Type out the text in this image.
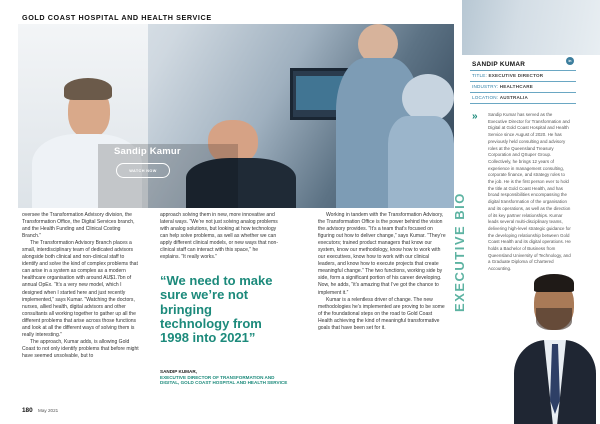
GOLD COAST HOSPITAL AND HEALTH SERVICE
Sandip Kamur
WATCH NOW

oversee the Transformation Advisory division, the Transformation Office, the Digital Services branch, and the Health Funding and Clinical Costing Branch.”

The Transformation Advisory Branch places a small, interdisciplinary team of dedicated advisors alongside both clinical and non-clinical staff to identify and solve the kind of complex problems that can arise in a system as complex as a modern healthcare organisation with around AU$1.7bn of annual OpEx. “It’s a very new model, which I designed when I started here and just recently implemented,” says Kumar. “Watching the doctors, nurses, allied health, digital advisors and other consultants all working together to gather up all the different problems that arise across those functions and look at all the different ways of solving them is really interesting.”

The approach, Kumar adds, is allowing Gold Coast to not only identify problems that before might have seemed unsolvable, but to

approach solving them in new, more innovative and lateral ways. “We’re not just solving analog problems with analog solutions, but looking at how technology can help solve problems, as well as whether we can apply different clinical models, or new ways that non-clinical staff can interact with this space,” he explains. “It really works.”

“We need to make sure we’re not bringing technology from 1998 into 2021”
SANDIP KUMAR,
EXECUTIVE DIRECTOR OF TRANSFORMATION AND DIGITAL, GOLD COAST HOSPITAL AND HEALTH SERVICE

Working in tandem with the Transformation Advisory, the Transformation Office is the power behind the vision the advisory provides. “It’s a team that’s focused on figuring out how to deliver change,” says Kumar. “They’re executors; trained product managers that know our system, know our methodology, know how to work with our executives, know how to work with our clinical leaders, and know how to execute projects that create meaningful change.” The two functions, working side by side, form a significant portion of his career developing. Now, he adds, “it’s amazing that I’ve got the chance to implement it.”

Kumar is a relentless driver of change. The new methodologies he’s implemented are proving to be some of the foundational steps on the road to Gold Coast Health achieving the kind of meaningful transformative goals that have been set for it.

180 May 2021
SANDIP KUMAR	in
TITLE: EXECUTIVE DIRECTOR
INDUSTRY: HEALTHCARE
LOCATION: AUSTRALIA
»	Sandip Kumar has served as the Executive Director for Transformation and Digital at Gold Coast Hospital and Health Service since August of 2020. He has previously held consulting and advisory roles at the Queensland Treasury Corporation and QSuper Group. Collectively, he brings 12 years of experience in management consulting, corporate finance, and strategy roles to the job. He is the first person ever to hold the title at Gold Coast Health, and has broad responsibilities encompassing the digital transformation of the organisation and its operations, as well as the direction of its key partner relationships. Kumar leads several multi-disciplinary teams, delivering high-level strategic guidance for the developing relationship between Gold Coast Health and its digital operations. He holds a Bachelor of Business from Queensland University of Technology, and a Graduate Diploma of Chartered Accounting.
EXECUTIVE BIO
